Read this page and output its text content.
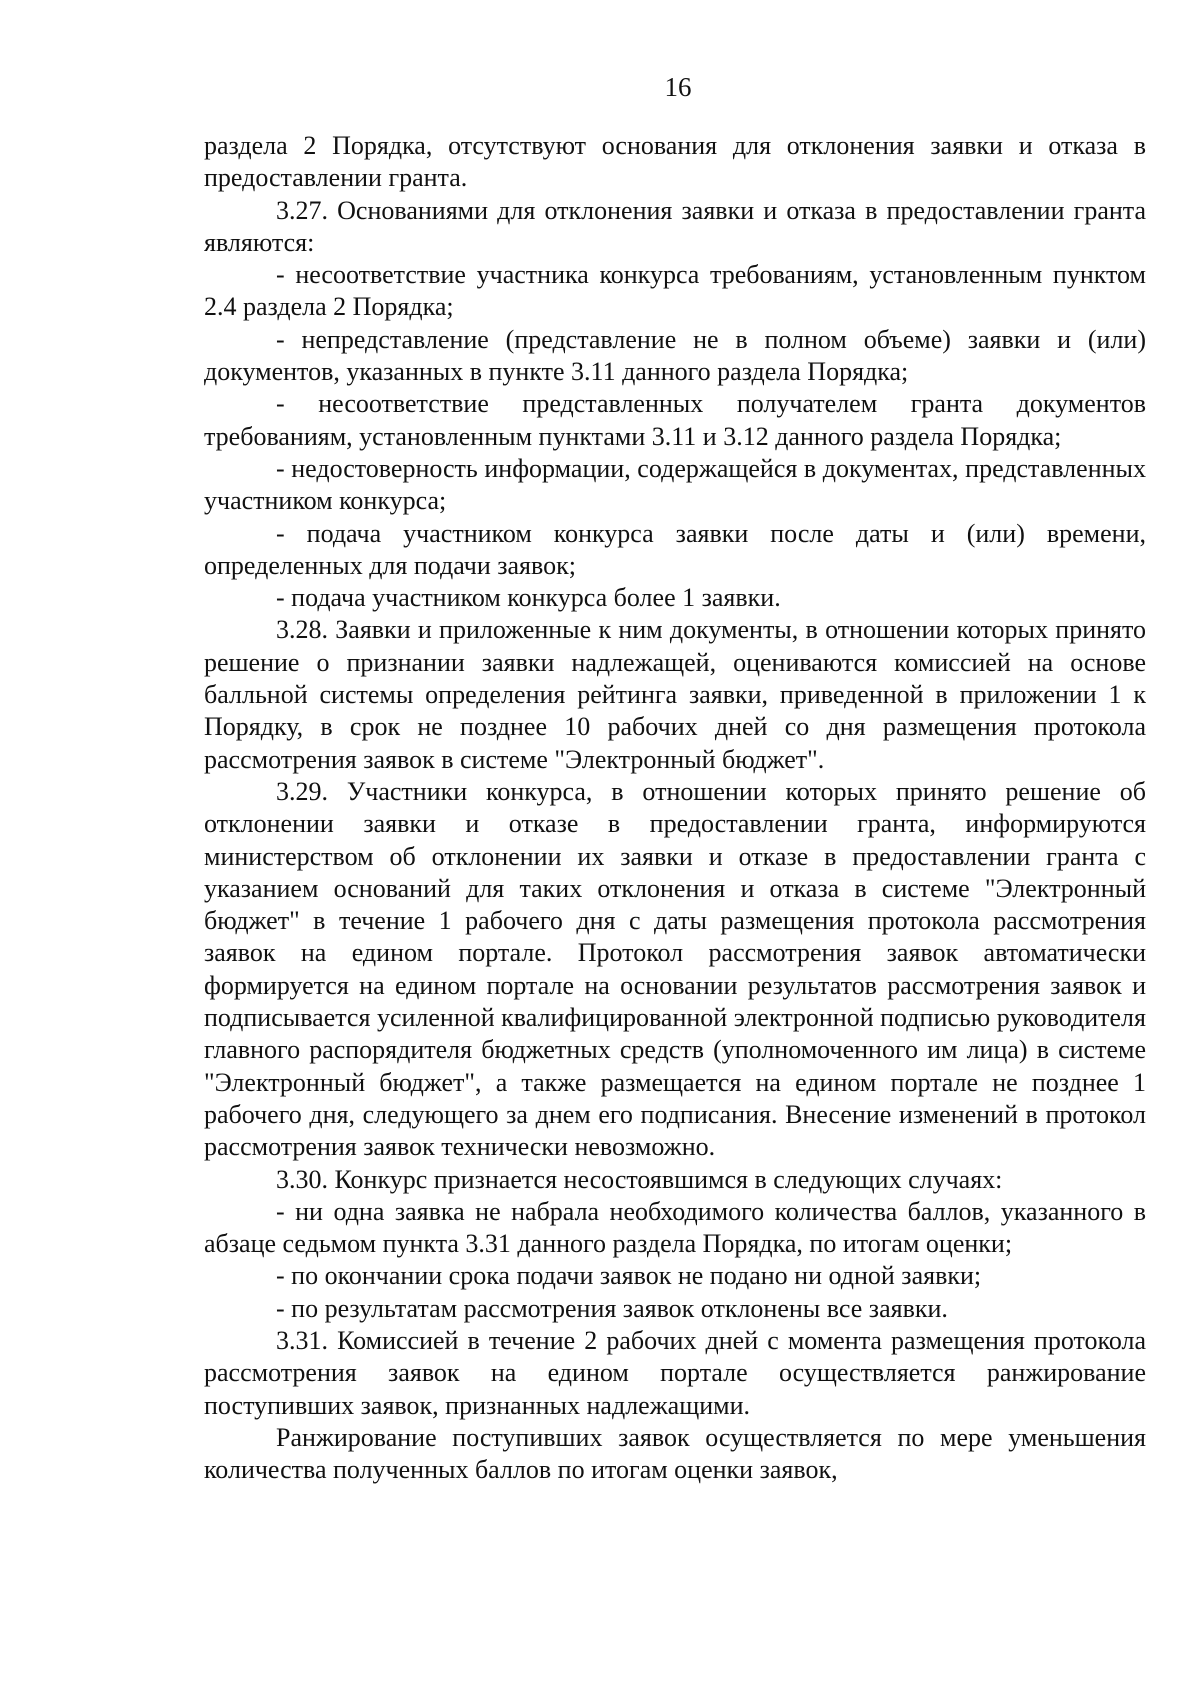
16

раздела 2 Порядка, отсутствуют основания для отклонения заявки и отказа в предоставлении гранта.

3.27. Основаниями для отклонения заявки и отказа в предоставлении гранта являются:

- несоответствие участника конкурса требованиям, установленным пунктом 2.4 раздела 2 Порядка;

- непредставление (представление не в полном объеме) заявки и (или) документов, указанных в пункте 3.11 данного раздела Порядка;

- несоответствие представленных получателем гранта документов требованиям, установленным пунктами 3.11 и 3.12 данного раздела Порядка;

- недостоверность информации, содержащейся в документах, представленных участником конкурса;

- подача участником конкурса заявки после даты и (или) времени, определенных для подачи заявок;

- подача участником конкурса более 1 заявки.

3.28. Заявки и приложенные к ним документы, в отношении которых принято решение о признании заявки надлежащей, оцениваются комиссией на основе балльной системы определения рейтинга заявки, приведенной в приложении 1 к Порядку, в срок не позднее 10 рабочих дней со дня размещения протокола рассмотрения заявок в системе "Электронный бюджет".

3.29. Участники конкурса, в отношении которых принято решение об отклонении заявки и отказе в предоставлении гранта, информируются министерством об отклонении их заявки и отказе в предоставлении гранта с указанием оснований для таких отклонения и отказа в системе "Электронный бюджет" в течение 1 рабочего дня с даты размещения протокола рассмотрения заявок на едином портале. Протокол рассмотрения заявок автоматически формируется на едином портале на основании результатов рассмотрения заявок и подписывается усиленной квалифицированной электронной подписью руководителя главного распорядителя бюджетных средств (уполномоченного им лица) в системе "Электронный бюджет", а также размещается на едином портале не позднее 1 рабочего дня, следующего за днем его подписания. Внесение изменений в протокол рассмотрения заявок технически невозможно.

3.30. Конкурс признается несостоявшимся в следующих случаях:

- ни одна заявка не набрала необходимого количества баллов, указанного в абзаце седьмом пункта 3.31 данного раздела Порядка, по итогам оценки;

- по окончании срока подачи заявок не подано ни одной заявки;

- по результатам рассмотрения заявок отклонены все заявки.

3.31. Комиссией в течение 2 рабочих дней с момента размещения протокола рассмотрения заявок на едином портале осуществляется ранжирование поступивших заявок, признанных надлежащими.

Ранжирование поступивших заявок осуществляется по мере уменьшения количества полученных баллов по итогам оценки заявок,
